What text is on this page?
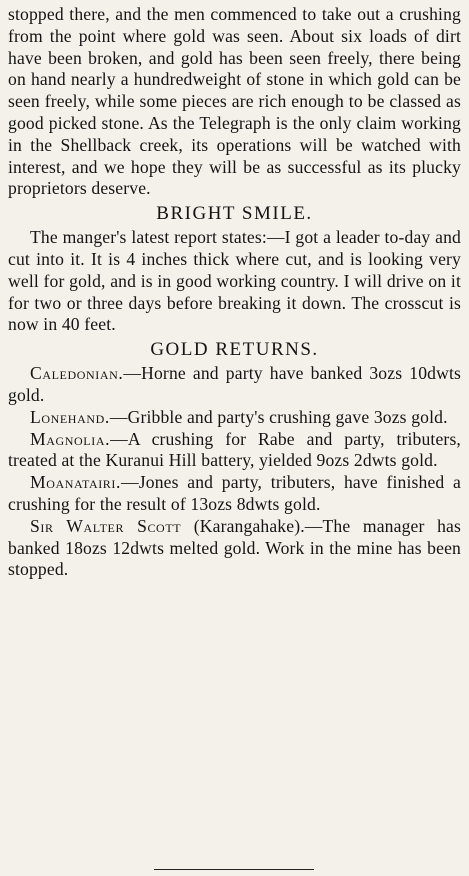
stopped there, and the men commenced to take out a crushing from the point where gold was seen. About six loads of dirt have been broken, and gold has been seen freely, there being on hand nearly a hundredweight of stone in which gold can be seen freely, while some pieces are rich enough to be classed as good picked stone. As the Telegraph is the only claim working in the Shellback creek, its operations will be watched with interest, and we hope they will be as successful as its plucky proprietors deserve.

BRIGHT SMILE.

The manger's latest report states:—I got a leader to-day and cut into it. It is 4 inches thick where cut, and is looking very well for gold, and is in good working country. I will drive on it for two or three days before breaking it down. The crosscut is now in 40 feet.

GOLD RETURNS.

Caledonian.—Horne and party have banked 3ozs 10dwts gold.

Lonehand.—Gribble and party's crushing gave 3ozs gold.

Magnolia.—A crushing for Rabe and party, tributers, treated at the Kuranui Hill battery, yielded 9ozs 2dwts gold.

Moanatairi.—Jones and party, tributers, have finished a crushing for the result of 13ozs 8dwts gold.

Sir Walter Scott (Karangahake).—The manager has banked 18ozs 12dwts melted gold. Work in the mine has been stopped.
